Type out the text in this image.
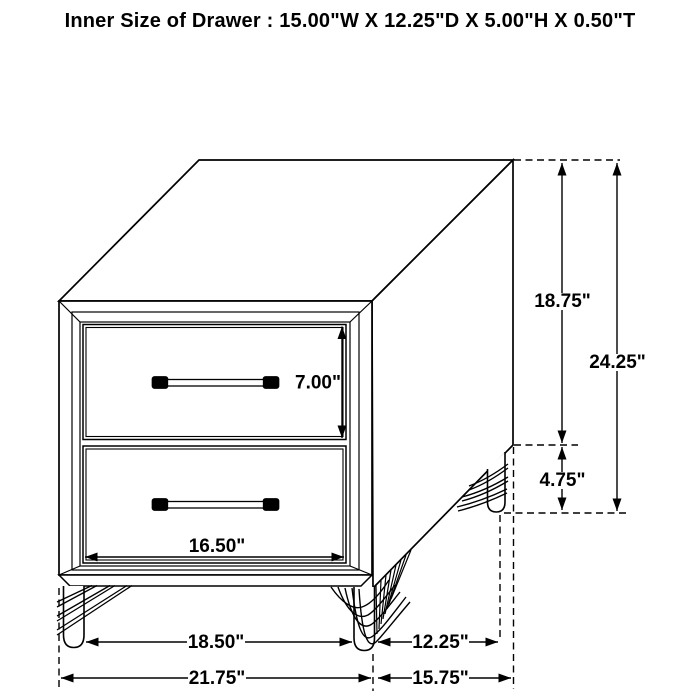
Inner Size of Drawer : 15.00"W X 12.25"D X 5.00"H X 0.50"T
7.00"
16.50"
18.75"
4.75"
24.25"
18.50"	12.25"
21.75"	15.75"
